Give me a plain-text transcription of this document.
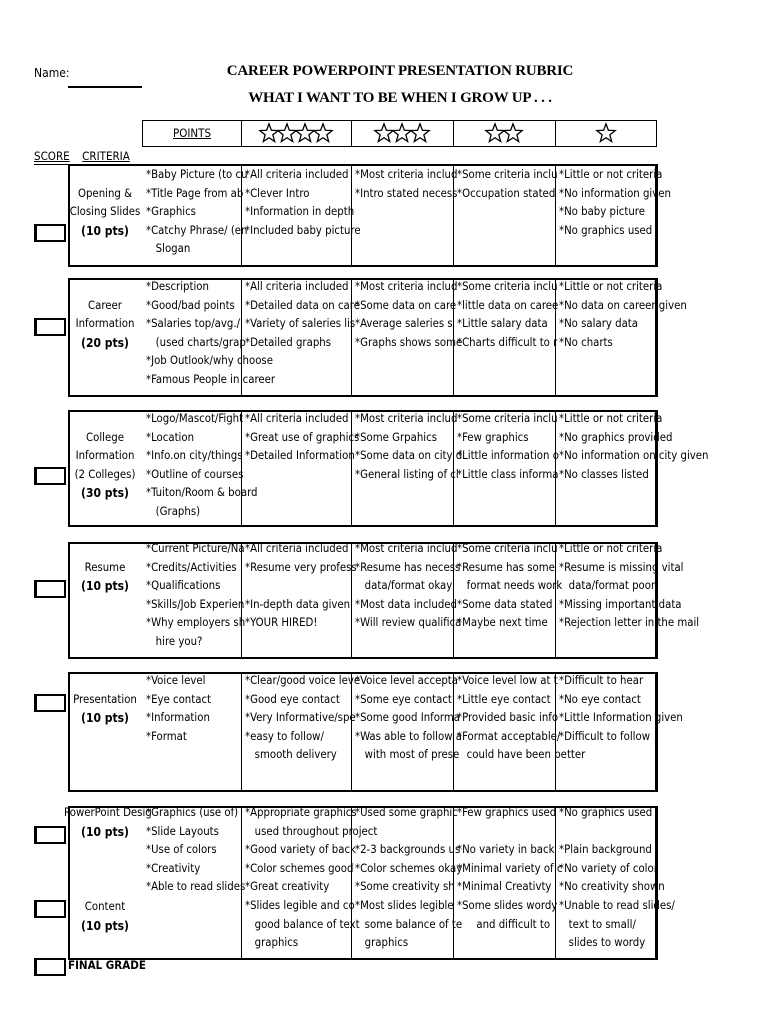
Name:	CAREER POWERPOINT PRESENTATION RUBRIC
WHAT I WANT TO BE WHEN I GROW UP . . .
POINTS
SCORE	CRITERIA
Opening &
Closing Slides
(10 pts)
*Baby Picture (to cu
*Title Page from ab
*Graphics
*Catchy Phrase/ (en
Slogan
*All criteria included
*Clever Intro
*Information in depth
*Included baby picture
*Most criteria includ
*Intro stated necess
*Some criteria inclu
*Occupation stated
*Little or not criteria
*No information given
*No baby picture
*No graphics used
Career
Information
(20 pts)
*Description
*Good/bad points
*Salaries top/avg./
(used charts/grap
*Job Outlook/why choose
*Famous People in career
*All criteria included
*Detailed data on care
*Variety of saleries lis
*Detailed graphs
*Most criteria includ
*Some data on care
*Average saleries s
*Graphs shows some
*Some criteria inclu
*little data on caree
*Little salary data
*Charts difficult to r
*Little or not criteria
*No data on career given
*No salary data
*No charts
College
Information
(2 Colleges)
(30 pts)
*Logo/Mascot/Fight
*Location
*Info.on city/things
*Outline of courses
*Tuiton/Room & board
(Graphs)
*All criteria included
*Great use of graphics
*Detailed Information
*Most criteria includ
*Some Grpahics
*Some data on city d
*General listing of cl
*Some criteria inclu
*Few graphics
*Little information o
*Little class informa
*Little or not criteria
*No graphics provided
*No information on city given
*No classes listed
Resume
(10 pts)
*Current Picture/Na
*Credits/Activities
*Qualifications
*Skills/Job Experien
*Why employers sh
hire you?
*All criteria included
*Resume very profess
*In-depth data given
*YOUR HIRED!
*Most criteria includ
*Resume has necess
data/format okay
*Most data included
*Will review qualifica
*Some criteria inclu
*Resume has some
format needs work
*Some data stated
*Maybe next time
*Little or not criteria
*Resume is missing vital
data/format poor
*Missing important data
*Rejection letter in the mail
Presentation
(10 pts)
*Voice level
*Eye contact
*Information
*Format
*Clear/good voice leve
*Good eye contact
*Very Informative/spe
*easy to follow/
smooth delivery
*Voice level accepta
*Some eye contact
*Some good Informa
*Was able to follow a
with most of prese
*Voice level low at t
*Little eye contact
*Provided basic info
*Format acceptable/
could have been better
*Difficult to hear
*No eye contact
*Little Information given
*Difficult to follow
PowerPoint Desig
(10 pts)
Content
(10 pts)
*Graphics (use of)
*Slide Layouts
*Use of colors
*Creativity
*Able to read slides
*Appropriate graphics
used throughout project
*Good variety of back
*Color schemes good
*Great creativity
*Slides legible and co
good balance of text
graphics
*Used some graphic
*2-3 backgrounds us
*Color schemes okay
*Some creativity sh
*Most slides legible
some balance of te
graphics
*Few graphics used
*No variety in back
*Minimal variety of c
*Minimal Creativty
*Some slides wordy
and difficult to
*No graphics used
*Plain background
*No variety of color
*No creativity shown
*Unable to read slides/
text to small/
slides to wordy
FINAL GRADE
